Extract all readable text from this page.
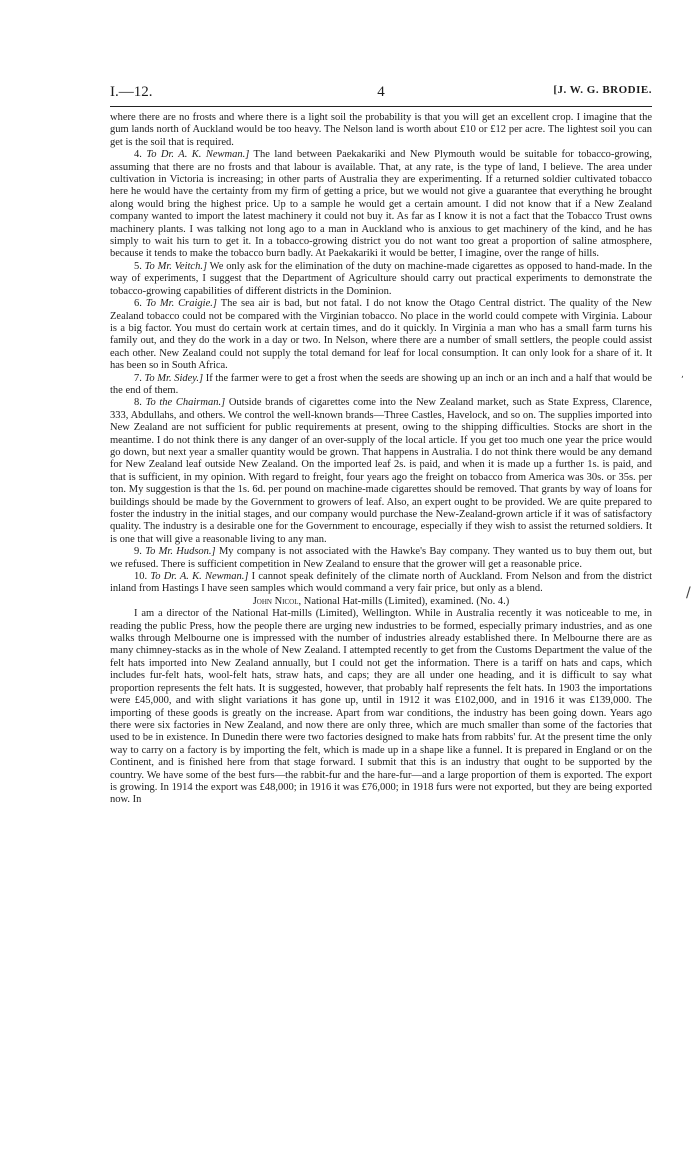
I.—12.	4	[J. W. G. BRODIE.

where there are no frosts and where there is a light soil the probability is that you will get an excellent crop. I imagine that the gum lands north of Auckland would be too heavy. The Nelson land is worth about £10 or £12 per acre. The lightest soil you can get is the soil that is required.

4. To Dr. A. K. Newman.] The land between Paekakariki and New Plymouth would be suitable for tobacco-growing, assuming that there are no frosts and that labour is available. That, at any rate, is the type of land, I believe. The area under cultivation in Victoria is increasing; in other parts of Australia they are experimenting. If a returned soldier cultivated tobacco here he would have the certainty from my firm of getting a price, but we would not give a guarantee that everything he brought along would bring the highest price. Up to a sample he would get a certain amount. I did not know that if a New Zealand company wanted to import the latest machinery it could not buy it. As far as I know it is not a fact that the Tobacco Trust owns machinery plants. I was talking not long ago to a man in Auckland who is anxious to get machinery of the kind, and he has simply to wait his turn to get it. In a tobacco-growing district you do not want too great a proportion of saline atmosphere, because it tends to make the tobacco burn badly. At Paekakariki it would be better, I imagine, over the range of hills.

5. To Mr. Veitch.] We only ask for the elimination of the duty on machine-made cigarettes as opposed to hand-made. In the way of experiments, I suggest that the Department of Agriculture should carry out practical experiments to demonstrate the tobacco-growing capabilities of different districts in the Dominion.

6. To Mr. Craigie.] The sea air is bad, but not fatal. I do not know the Otago Central district. The quality of the New Zealand tobacco could not be compared with the Virginian tobacco. No place in the world could compete with Virginia. Labour is a big factor. You must do certain work at certain times, and do it quickly. In Virginia a man who has a small farm turns his family out, and they do the work in a day or two. In Nelson, where there are a number of small settlers, the people could assist each other. New Zealand could not supply the total demand for leaf for local consumption. It can only look for a share of it. It has been so in South Africa.

7. To Mr. Sidey.] If the farmer were to get a frost when the seeds are showing up an inch or an inch and a half that would be the end of them.

8. To the Chairman.] Outside brands of cigarettes come into the New Zealand market, such as State Express, Clarence, 333, Abdullahs, and others. We control the well-known brands—Three Castles, Havelock, and so on. The supplies imported into New Zealand are not sufficient for public requirements at present, owing to the shipping difficulties. Stocks are short in the meantime. I do not think there is any danger of an over-supply of the local article. If you get too much one year the price would go down, but next year a smaller quantity would be grown. That happens in Australia. I do not think there would be any demand for New Zealand leaf outside New Zealand. On the imported leaf 2s. is paid, and when it is made up a further 1s. is paid, and that is sufficient, in my opinion. With regard to freight, four years ago the freight on tobacco from America was 30s. or 35s. per ton. My suggestion is that the 1s. 6d. per pound on machine-made cigarettes should be removed. That grants by way of loans for buildings should be made by the Government to growers of leaf. Also, an expert ought to be provided. We are quite prepared to foster the industry in the initial stages, and our company would purchase the New-Zealand-grown article if it was of satisfactory quality. The industry is a desirable one for the Government to encourage, especially if they wish to assist the returned soldiers. It is one that will give a reasonable living to any man.

9. To Mr. Hudson.] My company is not associated with the Hawke's Bay company. They wanted us to buy them out, but we refused. There is sufficient competition in New Zealand to ensure that the grower will get a reasonable price.

10. To Dr. A. K. Newman.] I cannot speak definitely of the climate north of Auckland. From Nelson and from the district inland from Hastings I have seen samples which would command a very fair price, but only as a blend.

John Nicol, National Hat-mills (Limited), examined. (No. 4.)

I am a director of the National Hat-mills (Limited), Wellington. While in Australia recently it was noticeable to me, in reading the public Press, how the people there are urging new industries to be formed, especially primary industries, and as one walks through Melbourne one is impressed with the number of industries already established there. In Melbourne there are as many chimney-stacks as in the whole of New Zealand. I attempted recently to get from the Customs Department the value of the felt hats imported into New Zealand annually, but I could not get the information. There is a tariff on hats and caps, which includes fur-felt hats, wool-felt hats, straw hats, and caps; they are all under one heading, and it is difficult to say what proportion represents the felt hats. It is suggested, however, that probably half represents the felt hats. In 1903 the importations were £45,000, and with slight variations it has gone up, until in 1912 it was £102,000, and in 1916 it was £139,000. The importing of these goods is greatly on the increase. Apart from war conditions, the industry has been going down. Years ago there were six factories in New Zealand, and now there are only three, which are much smaller than some of the factories that used to be in existence. In Dunedin there were two factories designed to make hats from rabbits' fur. At the present time the only way to carry on a factory is by importing the felt, which is made up in a shape like a funnel. It is prepared in England or on the Continent, and is finished here from that stage forward. I submit that this is an industry that ought to be supported by the country. We have some of the best furs—the rabbit-fur and the hare-fur—and a large proportion of them is exported. The export is growing. In 1914 the export was £48,000; in 1916 it was £76,000; in 1918 furs were not exported, but they are being exported now. In

,
/
